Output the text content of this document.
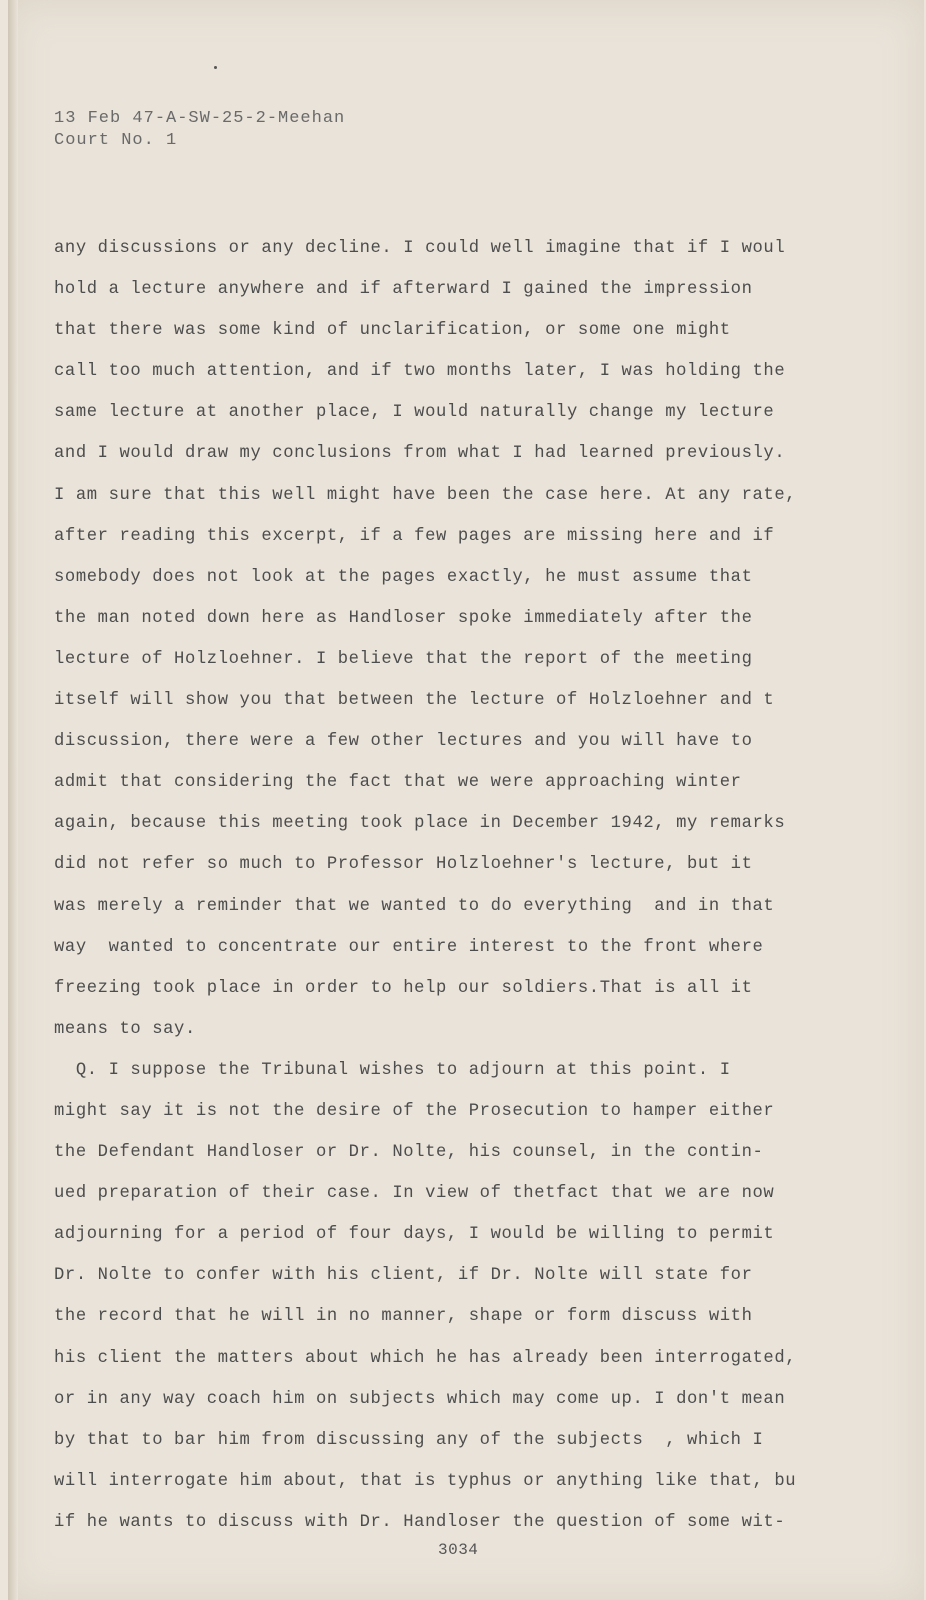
13 Feb 47-A-SW-25-2-Meehan
Court No. 1
any discussions or any decline. I could well imagine that if I woul
hold a lecture anywhere and if afterward I gained the impression
that there was some kind of unclarification, or some one might
call too much attention, and if two months later, I was holding the
same lecture at another place, I would naturally change my lecture
and I would draw my conclusions from what I had learned previously.
I am sure that this well might have been the case here. At any rate,
after reading this excerpt, if a few pages are missing here and if
somebody does not look at the pages exactly, he must assume that
the man noted down here as Handloser spoke immediately after the
lecture of Holzloehner. I believe that the report of the meeting
itself will show you that between the lecture of Holzloehner and t
discussion, there were a few other lectures and you will have to
admit that considering the fact that we were approaching winter
again, because this meeting took place in December 1942, my remarks
did not refer so much to Professor Holzloehner's lecture, but it
was merely a reminder that we wanted to do everything  and in that
way  wanted to concentrate our entire interest to the front where
freezing took place in order to help our soldiers.That is all it
means to say.
Q. I suppose the Tribunal wishes to adjourn at this point. I
might say it is not the desire of the Prosecution to hamper either
the Defendant Handloser or Dr. Nolte, his counsel, in the contin-
ued preparation of their case. In view of thetfact that we are now
adjourning for a period of four days, I would be willing to permit
Dr. Nolte to confer with his client, if Dr. Nolte will state for
the record that he will in no manner, shape or form discuss with
his client the matters about which he has already been interrogated,
or in any way coach him on subjects which may come up. I don't mean
by that to bar him from discussing any of the subjects  , which I
will interrogate him about, that is typhus or anything like that, bu
if he wants to discuss with Dr. Handloser the question of some wit-
3034
